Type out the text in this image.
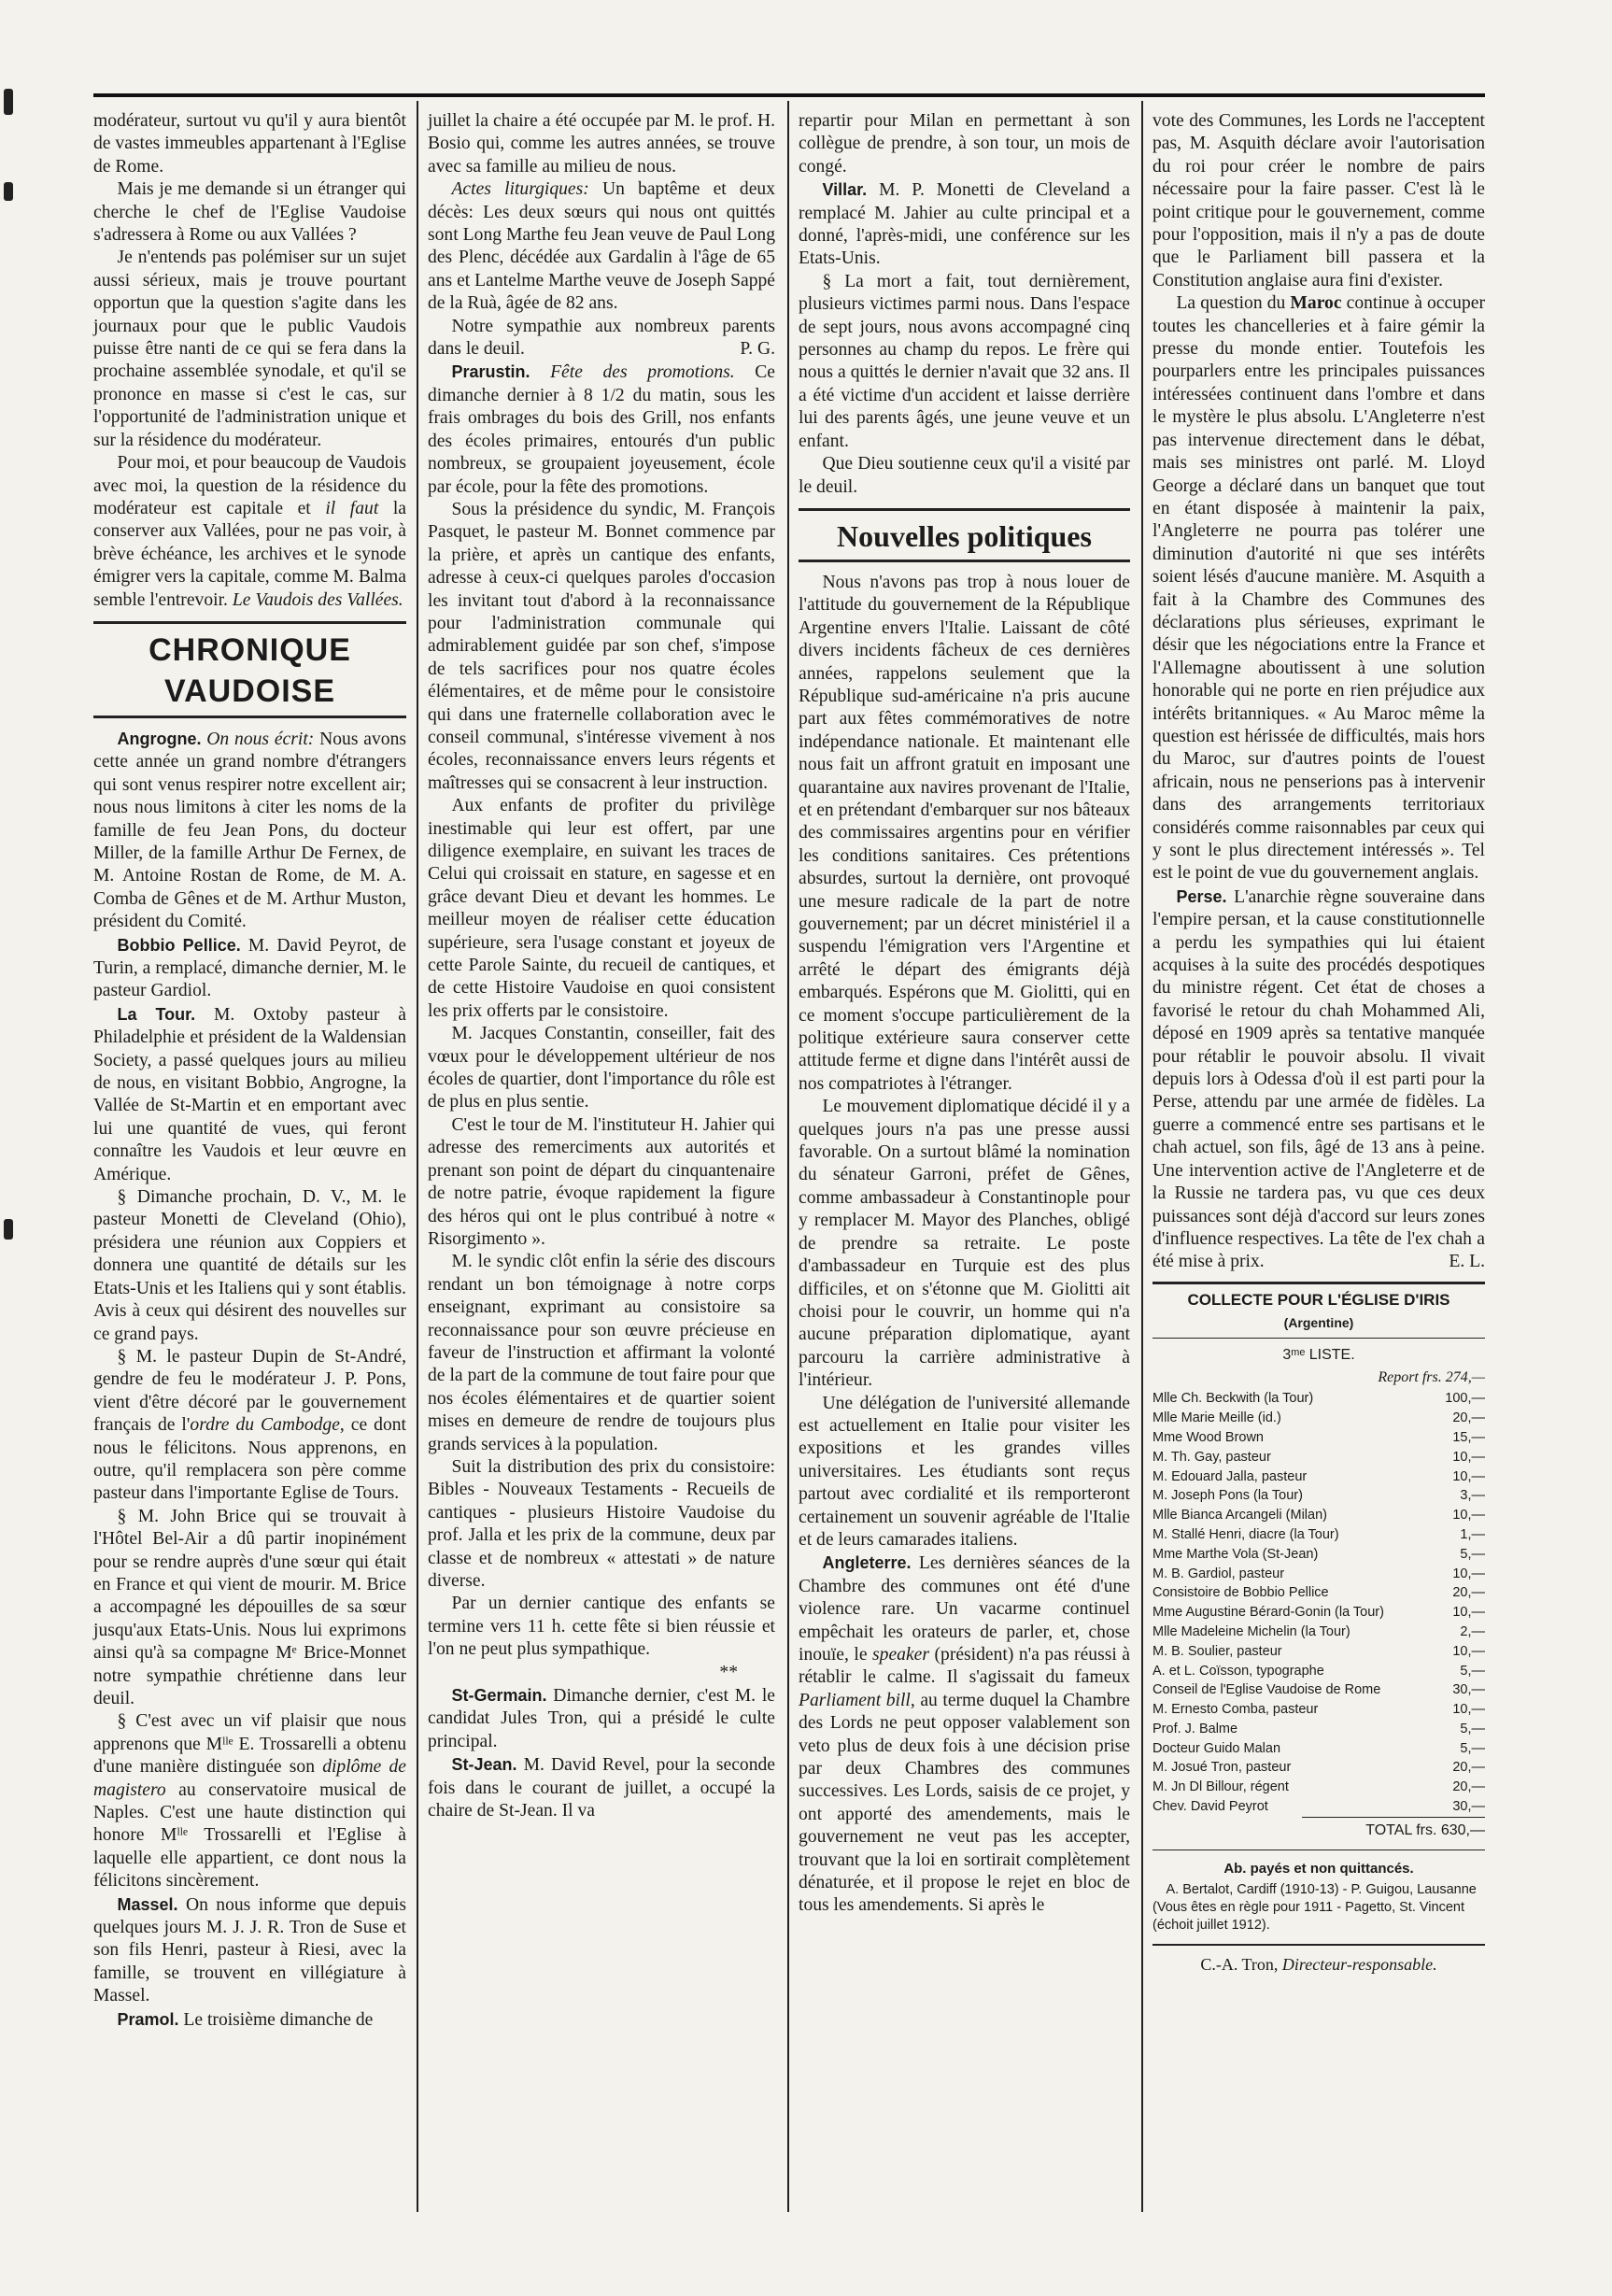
modérateur, surtout vu qu'il y aura bientôt de vastes immeubles appartenant à l'Eglise de Rome.

Mais je me demande si un étranger qui cherche le chef de l'Eglise Vaudoise s'adressera à Rome ou aux Vallées ?

Je n'entends pas polémiser sur un sujet aussi sérieux, mais je trouve pourtant opportun que la question s'agite dans les journaux pour que le public Vaudois puisse être nanti de ce qui se fera dans la prochaine assemblée synodale, et qu'il se prononce en masse si c'est le cas, sur l'opportunité de l'administration unique et sur la résidence du modérateur.

Pour moi, et pour beaucoup de Vaudois avec moi, la question de la résidence du modérateur est capitale et il faut la conserver aux Vallées, pour ne pas voir, à brève échéance, les archives et le synode émigrer vers la capitale, comme M. Balma semble l'entrevoir. Le Vaudois des Vallées.

CHRONIQUE VAUDOISE

Angrogne. On nous écrit: Nous avons cette année un grand nombre d'étrangers qui sont venus respirer notre excellent air; nous nous limitons à citer les noms de la famille de feu Jean Pons, du docteur Miller, de la famille Arthur De Fernex, de M. Antoine Rostan de Rome, de M. A. Comba de Gênes et de M. Arthur Muston, président du Comité.

Bobbio Pellice. M. David Peyrot, de Turin, a remplacé, dimanche dernier, M. le pasteur Gardiol.

La Tour. M. Oxtoby pasteur à Philadelphie et président de la Waldensian Society, a passé quelques jours au milieu de nous, en visitant Bobbio, Angrogne, la Vallée de St-Martin et en emportant avec lui une quantité de vues, qui feront connaître les Vaudois et leur œuvre en Amérique.

§ Dimanche prochain, D. V., M. le pasteur Monetti de Cleveland (Ohio), présidera une réunion aux Coppiers et donnera une quantité de détails sur les Etats-Unis et les Italiens qui y sont établis. Avis à ceux qui désirent des nouvelles sur ce grand pays.

§ M. le pasteur Dupin de St-André, gendre de feu le modérateur J. P. Pons, vient d'être décoré par le gouvernement français de l'ordre du Cambodge, ce dont nous le félicitons. Nous apprenons, en outre, qu'il remplacera son père comme pasteur dans l'importante Eglise de Tours.

§ M. John Brice qui se trouvait à l'Hôtel Bel-Air a dû partir inopinément pour se rendre auprès d'une sœur qui était en France et qui vient de mourir. M. Brice a accompagné les dépouilles de sa sœur jusqu'aux Etats-Unis. Nous lui exprimons ainsi qu'à sa compagne Mᵉ Brice-Monnet notre sympathie chrétienne dans leur deuil.

§ C'est avec un vif plaisir que nous apprenons que Mˡˡᵉ E. Trossarelli a obtenu d'une manière distinguée son diplôme de magistero au conservatoire musical de Naples. C'est une haute distinction qui honore Mˡˡᵉ Trossarelli et l'Eglise à laquelle elle appartient, ce dont nous la félicitons sincèrement.

Massel. On nous informe que depuis quelques jours M. J. J. R. Tron de Suse et son fils Henri, pasteur à Riesi, avec la famille, se trouvent en villégiature à Massel.

Pramol. Le troisième dimanche de

juillet la chaire a été occupée par M. le prof. H. Bosio qui, comme les autres années, se trouve avec sa famille au milieu de nous.

Actes liturgiques: Un baptême et deux décès: Les deux sœurs qui nous ont quittés sont Long Marthe feu Jean veuve de Paul Long des Plenc, décédée aux Gardalin à l'âge de 65 ans et Lantelme Marthe veuve de Joseph Sappé de la Ruà, âgée de 82 ans.

Notre sympathie aux nombreux parents dans le deuil.	P. G.

Prarustin. Fête des promotions. Ce dimanche dernier à 8 1/2 du matin, sous les frais ombrages du bois des Grill, nos enfants des écoles primaires, entourés d'un public nombreux, se groupaient joyeusement, école par école, pour la fête des promotions.

Sous la présidence du syndic, M. François Pasquet, le pasteur M. Bonnet commence par la prière, et après un cantique des enfants, adresse à ceux-ci quelques paroles d'occasion les invitant tout d'abord à la reconnaissance pour l'administration communale qui admirablement guidée par son chef, s'impose de tels sacrifices pour nos quatre écoles élémentaires, et de même pour le consistoire qui dans une fraternelle collaboration avec le conseil communal, s'intéresse vivement à nos écoles, reconnaissance envers leurs régents et maîtresses qui se consacrent à leur instruction.

Aux enfants de profiter du privilège inestimable qui leur est offert, par une diligence exemplaire, en suivant les traces de Celui qui croissait en stature, en sagesse et en grâce devant Dieu et devant les hommes. Le meilleur moyen de réaliser cette éducation supérieure, sera l'usage constant et joyeux de cette Parole Sainte, du recueil de cantiques, et de cette Histoire Vaudoise en quoi consistent les prix offerts par le consistoire.

M. Jacques Constantin, conseiller, fait des vœux pour le développement ultérieur de nos écoles de quartier, dont l'importance du rôle est de plus en plus sentie.

C'est le tour de M. l'instituteur H. Jahier qui adresse des remerciments aux autorités et prenant son point de départ du cinquantenaire de notre patrie, évoque rapidement la figure des héros qui ont le plus contribué à notre « Risorgimento ».

M. le syndic clôt enfin la série des discours rendant un bon témoignage à notre corps enseignant, exprimant au consistoire sa reconnaissance pour son œuvre précieuse en faveur de l'instruction et affirmant la volonté de la part de la commune de tout faire pour que nos écoles élémentaires et de quartier soient mises en demeure de rendre de toujours plus grands services à la population.

Suit la distribution des prix du consistoire: Bibles - Nouveaux Testaments - Recueils de cantiques - plusieurs Histoire Vaudoise du prof. Jalla et les prix de la commune, deux par classe et de nombreux « attestati » de nature diverse.

Par un dernier cantique des enfants se termine vers 11 h. cette fête si bien réussie et l'on ne peut plus sympathique.

**

St-Germain. Dimanche dernier, c'est M. le candidat Jules Tron, qui a présidé le culte principal.

St-Jean. M. David Revel, pour la seconde fois dans le courant de juillet, a occupé la chaire de St-Jean. Il va

repartir pour Milan en permettant à son collègue de prendre, à son tour, un mois de congé.

Villar. M. P. Monetti de Cleveland a remplacé M. Jahier au culte principal et a donné, l'après-midi, une conférence sur les Etats-Unis.

§ La mort a fait, tout dernièrement, plusieurs victimes parmi nous. Dans l'espace de sept jours, nous avons accompagné cinq personnes au champ du repos. Le frère qui nous a quittés le dernier n'avait que 32 ans. Il a été victime d'un accident et laisse derrière lui des parents âgés, une jeune veuve et un enfant.

Que Dieu soutienne ceux qu'il a visité par le deuil.

Nouvelles politiques

Nous n'avons pas trop à nous louer de l'attitude du gouvernement de la République Argentine envers l'Italie. Laissant de côté divers incidents fâcheux de ces dernières années, rappelons seulement que la République sud-américaine n'a pris aucune part aux fêtes commémoratives de notre indépendance nationale. Et maintenant elle nous fait un affront gratuit en imposant une quarantaine aux navires provenant de l'Italie, et en prétendant d'embarquer sur nos bâteaux des commissaires argentins pour en vérifier les conditions sanitaires. Ces prétentions absurdes, surtout la dernière, ont provoqué une mesure radicale de la part de notre gouvernement; par un décret ministériel il a suspendu l'émigration vers l'Argentine et arrêté le départ des émigrants déjà embarqués. Espérons que M. Giolitti, qui en ce moment s'occupe particulièrement de la politique extérieure saura conserver cette attitude ferme et digne dans l'intérêt aussi de nos compatriotes à l'étranger.

Le mouvement diplomatique décidé il y a quelques jours n'a pas une presse aussi favorable. On a surtout blâmé la nomination du sénateur Garroni, préfet de Gênes, comme ambassadeur à Constantinople pour y remplacer M. Mayor des Planches, obligé de prendre sa retraite. Le poste d'ambassadeur en Turquie est des plus difficiles, et on s'étonne que M. Giolitti ait choisi pour le couvrir, un homme qui n'a aucune préparation diplomatique, ayant parcouru la carrière administrative à l'intérieur.

Une délégation de l'université allemande est actuellement en Italie pour visiter les expositions et les grandes villes universitaires. Les étudiants sont reçus partout avec cordialité et ils remporteront certainement un souvenir agréable de l'Italie et de leurs camarades italiens.

Angleterre. Les dernières séances de la Chambre des communes ont été d'une violence rare. Un vacarme continuel empêchait les orateurs de parler, et, chose inouïe, le speaker (président) n'a pas réussi à rétablir le calme. Il s'agissait du fameux Parliament bill, au terme duquel la Chambre des Lords ne peut opposer valablement son veto plus de deux fois à une décision prise par deux Chambres des communes successives. Les Lords, saisis de ce projet, y ont apporté des amendements, mais le gouvernement ne veut pas les accepter, trouvant que la loi en sortirait complètement dénaturée, et il propose le rejet en bloc de tous les amendements. Si après le

vote des Communes, les Lords ne l'acceptent pas, M. Asquith déclare avoir l'autorisation du roi pour créer le nombre de pairs nécessaire pour la faire passer. C'est là le point critique pour le gouvernement, comme pour l'opposition, mais il n'y a pas de doute que le Parliament bill passera et la Constitution anglaise aura fini d'exister.

La question du Maroc continue à occuper toutes les chancelleries et à faire gémir la presse du monde entier. Toutefois les pourparlers entre les principales puissances intéressées continuent dans l'ombre et dans le mystère le plus absolu. L'Angleterre n'est pas intervenue directement dans le débat, mais ses ministres ont parlé. M. Lloyd George a déclaré dans un banquet que tout en étant disposée à maintenir la paix, l'Angleterre ne pourra pas tolérer une diminution d'autorité ni que ses intérêts soient lésés d'aucune manière. M. Asquith a fait à la Chambre des Communes des déclarations plus sérieuses, exprimant le désir que les négociations entre la France et l'Allemagne aboutissent à une solution honorable qui ne porte en rien préjudice aux intérêts britanniques. « Au Maroc même la question est hérissée de difficultés, mais hors du Maroc, sur d'autres points de l'ouest africain, nous ne penserions pas à intervenir dans des arrangements territoriaux considérés comme raisonnables par ceux qui y sont le plus directement intéressés ». Tel est le point de vue du gouvernement anglais.

Perse. L'anarchie règne souveraine dans l'empire persan, et la cause constitutionnelle a perdu les sympathies qui lui étaient acquises à la suite des procédés despotiques du ministre régent. Cet état de choses a favorisé le retour du chah Mohammed Ali, déposé en 1909 après sa tentative manquée pour rétablir le pouvoir absolu. Il vivait depuis lors à Odessa d'où il est parti pour la Perse, attendu par une armée de fidèles. La guerre a commencé entre ses partisans et le chah actuel, son fils, âgé de 13 ans à peine. Une intervention active de l'Angleterre et de la Russie ne tardera pas, vu que ces deux puissances sont déjà d'accord sur leurs zones d'influence respectives. La tête de l'ex chah a été mise à prix.	E. L.

COLLECTE POUR L'ÉGLISE D'IRIS (Argentine)
3ᵐᵉ LISTE.
Report frs. 274,—
Mlle Ch. Beckwith (la Tour)	100,—
Mlle Marie Meille (id.)	20,—
Mme Wood Brown	15,—
M. Th. Gay, pasteur	10,—
M. Edouard Jalla, pasteur	10,—
M. Joseph Pons (la Tour)	3,—
Mlle Bianca Arcangeli (Milan)	10,—
M. Stallé Henri, diacre (la Tour)	1,—
Mme Marthe Vola (St-Jean)	5,—
M. B. Gardiol, pasteur	10,—
Consistoire de Bobbio Pellice	20,—
Mme Augustine Bérard-Gonin (la Tour)	10,—
Mlle Madeleine Michelin (la Tour)	2,—
M. B. Soulier, pasteur	10,—
A. et L. Coïsson, typographe	5,—
Conseil de l'Eglise Vaudoise de Rome	30,—
M. Ernesto Comba, pasteur	10,—
Prof. J. Balme	5,—
Docteur Guido Malan	5,—
M. Josué Tron, pasteur	20,—
M. Jn Dl Billour, régent	20,—
Chev. David Peyrot	30,—
TOTAL frs. 630,—
Ab. payés et non quittancés.
A. Bertalot, Cardiff (1910-13) - P. Guigou, Lausanne (Vous êtes en règle pour 1911 - Pagetto, St. Vincent (échoit juillet 1912).
C.-A. Tron, Directeur-responsable.
